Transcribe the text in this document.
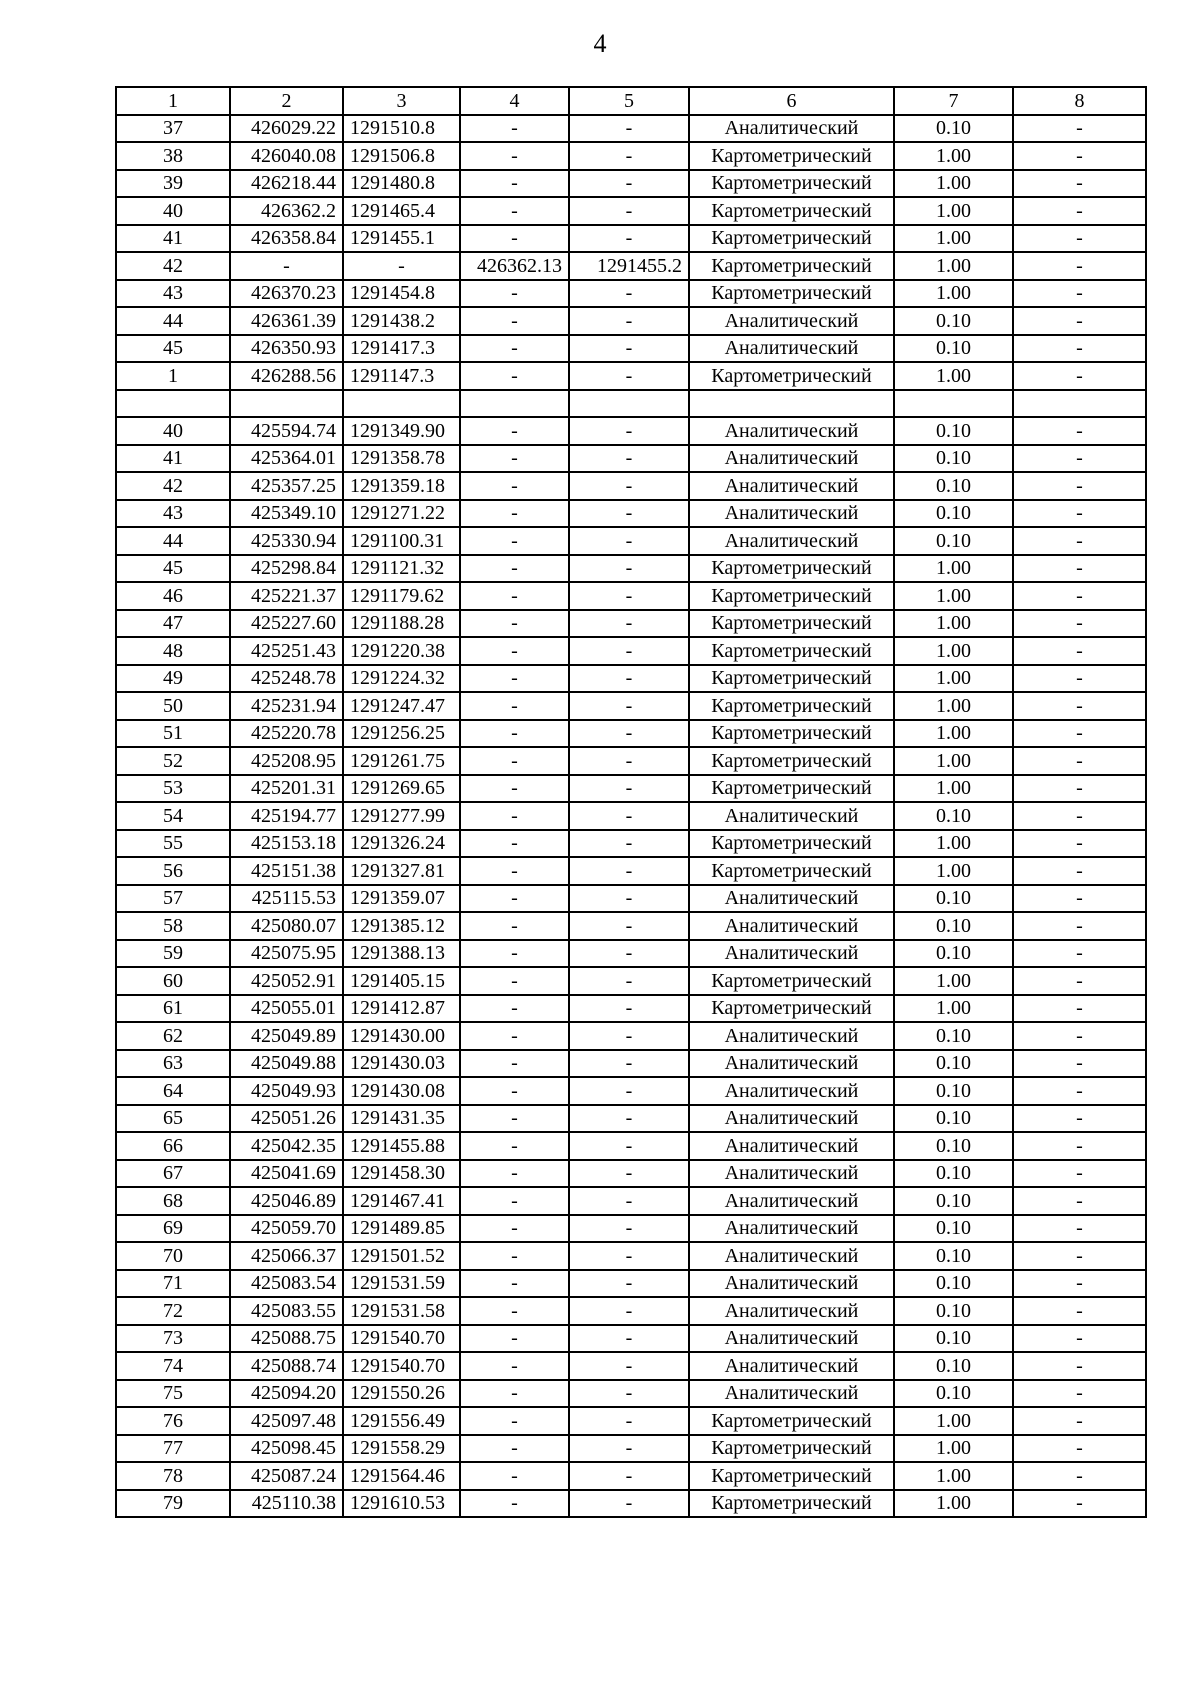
4
1	2	3	4	5	6	7	8
37	426029.22	1291510.8	-	-	Аналитический	0.10	-
38	426040.08	1291506.8	-	-	Картометрический	1.00	-
39	426218.44	1291480.8	-	-	Картометрический	1.00	-
40	426362.2	1291465.4	-	-	Картометрический	1.00	-
41	426358.84	1291455.1	-	-	Картометрический	1.00	-
42	-	-	426362.13	1291455.2	Картометрический	1.00	-
43	426370.23	1291454.8	-	-	Картометрический	1.00	-
44	426361.39	1291438.2	-	-	Аналитический	0.10	-
45	426350.93	1291417.3	-	-	Аналитический	0.10	-
1	426288.56	1291147.3	-	-	Картометрический	1.00	-

40	425594.74	1291349.90	-	-	Аналитический	0.10	-
41	425364.01	1291358.78	-	-	Аналитический	0.10	-
42	425357.25	1291359.18	-	-	Аналитический	0.10	-
43	425349.10	1291271.22	-	-	Аналитический	0.10	-
44	425330.94	1291100.31	-	-	Аналитический	0.10	-
45	425298.84	1291121.32	-	-	Картометрический	1.00	-
46	425221.37	1291179.62	-	-	Картометрический	1.00	-
47	425227.60	1291188.28	-	-	Картометрический	1.00	-
48	425251.43	1291220.38	-	-	Картометрический	1.00	-
49	425248.78	1291224.32	-	-	Картометрический	1.00	-
50	425231.94	1291247.47	-	-	Картометрический	1.00	-
51	425220.78	1291256.25	-	-	Картометрический	1.00	-
52	425208.95	1291261.75	-	-	Картометрический	1.00	-
53	425201.31	1291269.65	-	-	Картометрический	1.00	-
54	425194.77	1291277.99	-	-	Аналитический	0.10	-
55	425153.18	1291326.24	-	-	Картометрический	1.00	-
56	425151.38	1291327.81	-	-	Картометрический	1.00	-
57	425115.53	1291359.07	-	-	Аналитический	0.10	-
58	425080.07	1291385.12	-	-	Аналитический	0.10	-
59	425075.95	1291388.13	-	-	Аналитический	0.10	-
60	425052.91	1291405.15	-	-	Картометрический	1.00	-
61	425055.01	1291412.87	-	-	Картометрический	1.00	-
62	425049.89	1291430.00	-	-	Аналитический	0.10	-
63	425049.88	1291430.03	-	-	Аналитический	0.10	-
64	425049.93	1291430.08	-	-	Аналитический	0.10	-
65	425051.26	1291431.35	-	-	Аналитический	0.10	-
66	425042.35	1291455.88	-	-	Аналитический	0.10	-
67	425041.69	1291458.30	-	-	Аналитический	0.10	-
68	425046.89	1291467.41	-	-	Аналитический	0.10	-
69	425059.70	1291489.85	-	-	Аналитический	0.10	-
70	425066.37	1291501.52	-	-	Аналитический	0.10	-
71	425083.54	1291531.59	-	-	Аналитический	0.10	-
72	425083.55	1291531.58	-	-	Аналитический	0.10	-
73	425088.75	1291540.70	-	-	Аналитический	0.10	-
74	425088.74	1291540.70	-	-	Аналитический	0.10	-
75	425094.20	1291550.26	-	-	Аналитический	0.10	-
76	425097.48	1291556.49	-	-	Картометрический	1.00	-
77	425098.45	1291558.29	-	-	Картометрический	1.00	-
78	425087.24	1291564.46	-	-	Картометрический	1.00	-
79	425110.38	1291610.53	-	-	Картометрический	1.00	-
